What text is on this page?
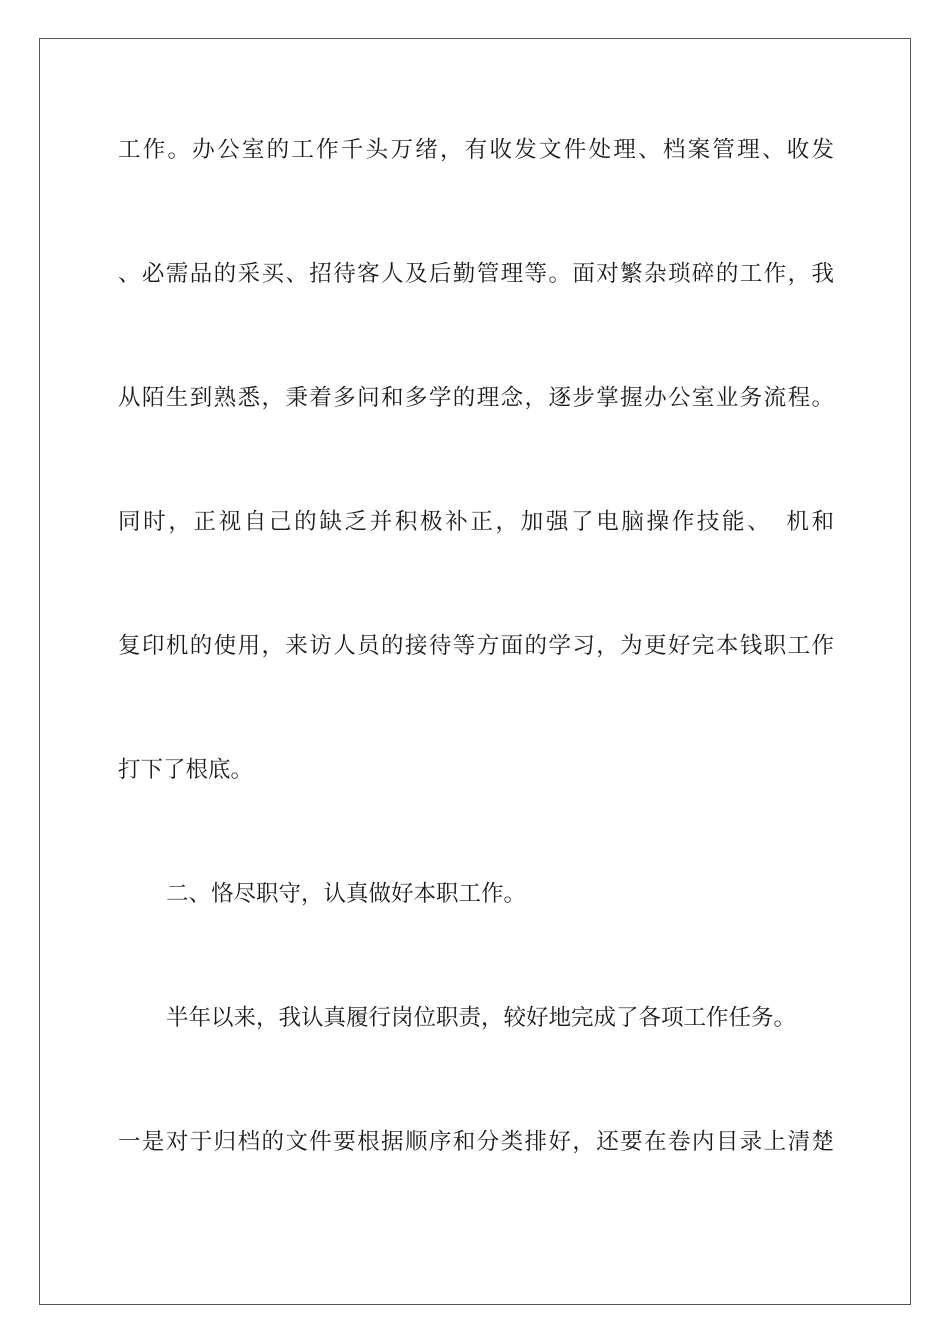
工作。办公室的工作千头万绪，有收发文件处理、档案管理、收发
、必需品的采买、招待客人及后勤管理等。面对繁杂琐碎的工作，我
从陌生到熟悉，秉着多问和多学的理念，逐步掌握办公室业务流程。
同时，正视自己的缺乏并积极补正，加强了电脑操作技能、　机和
复印机的使用，来访人员的接待等方面的学习，为更好完本钱职工作
打下了根底。
二、恪尽职守，认真做好本职工作。
半年以来，我认真履行岗位职责，较好地完成了各项工作任务。
一是对于归档的文件要根据顺序和分类排好，还要在卷内目录上清楚
